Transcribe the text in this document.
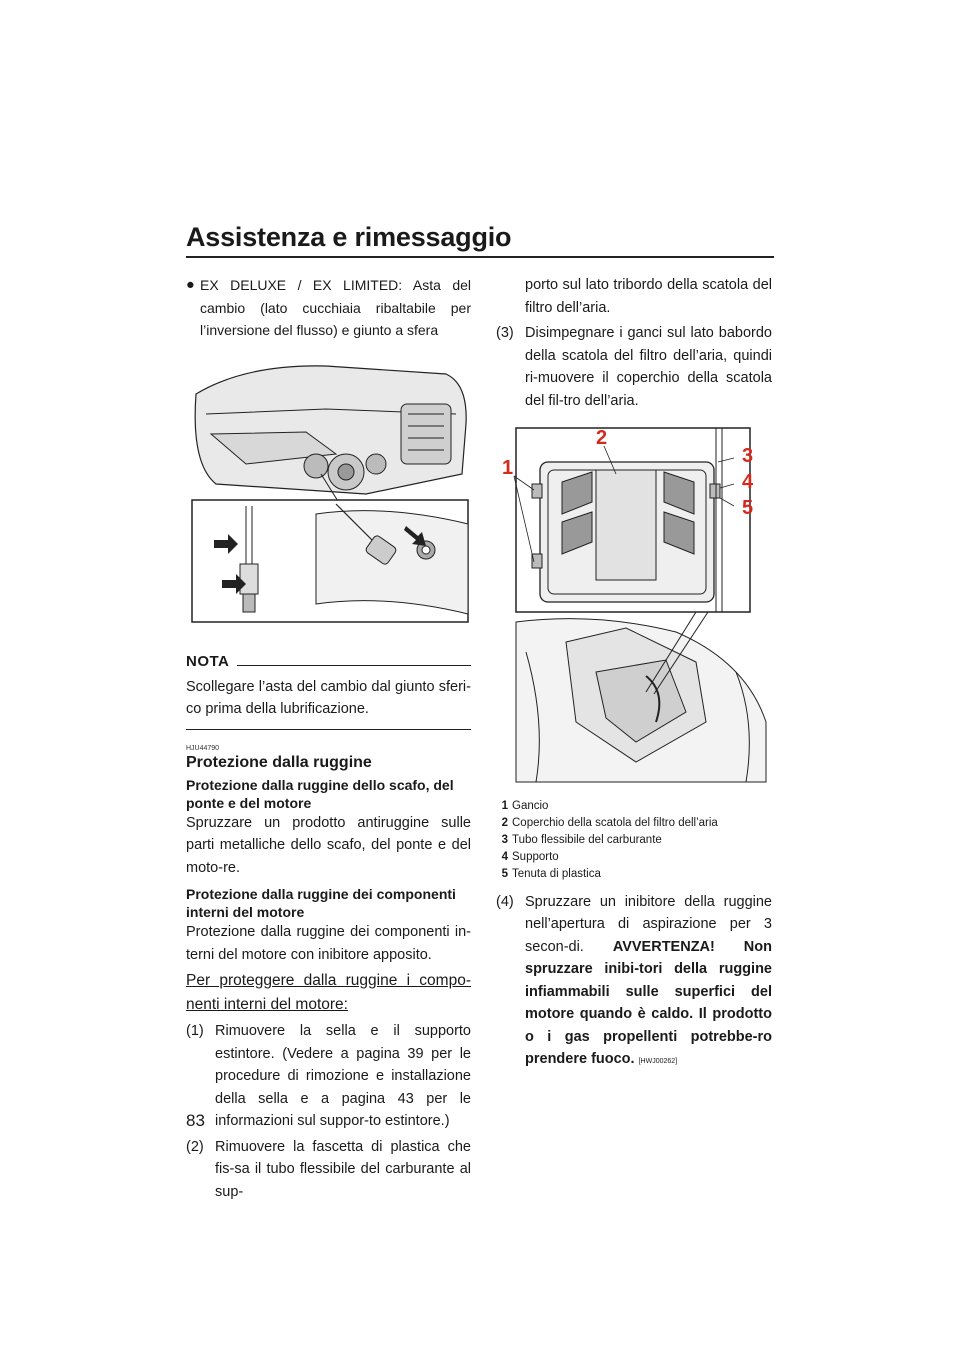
Assistenza e rimessaggio
83
● EX DELUXE / EX LIMITED: Asta del cambio (lato cucchiaia ribaltabile per l’inversione del flusso) e giunto a sfera

NOTA

Scollegare l’asta del cambio dal giunto sferi-co prima della lubrificazione.

HJU44790
Protezione dalla ruggine
Protezione dalla ruggine dello scafo, del ponte e del motore

Spruzzare un prodotto antiruggine sulle parti metalliche dello scafo, del ponte e del moto-re.

Protezione dalla ruggine dei componenti interni del motore

Protezione dalla ruggine dei componenti in-terni del motore con inibitore apposito.

Per proteggere dalla ruggine i compo-nenti interni del motore:
(1) Rimuovere la sella e il supporto estintore. (Vedere a pagina 39 per le procedure di rimozione e installazione della sella e a pagina 43 per le informazioni sul suppor-to estintore.)
(2) Rimuovere la fascetta di plastica che fis-sa il tubo flessibile del carburante al sup-
porto sul lato tribordo della scatola del filtro dell’aria.
(3) Disimpegnare i ganci sul lato babordo della scatola del filtro dell’aria, quindi ri-muovere il coperchio della scatola del fil-tro dell’aria.
1
2
3
4
5
1 Gancio
2 Coperchio della scatola del filtro dell’aria
3 Tubo flessibile del carburante
4 Supporto
5 Tenuta di plastica
(4) Spruzzare un inibitore della ruggine nell’apertura di aspirazione per 3 secon-di. AVVERTENZA! Non spruzzare inibi-tori della ruggine infiammabili sulle superfici del motore quando è caldo. Il prodotto o i gas propellenti potrebbe-ro prendere fuoco. [HWJ00262]
